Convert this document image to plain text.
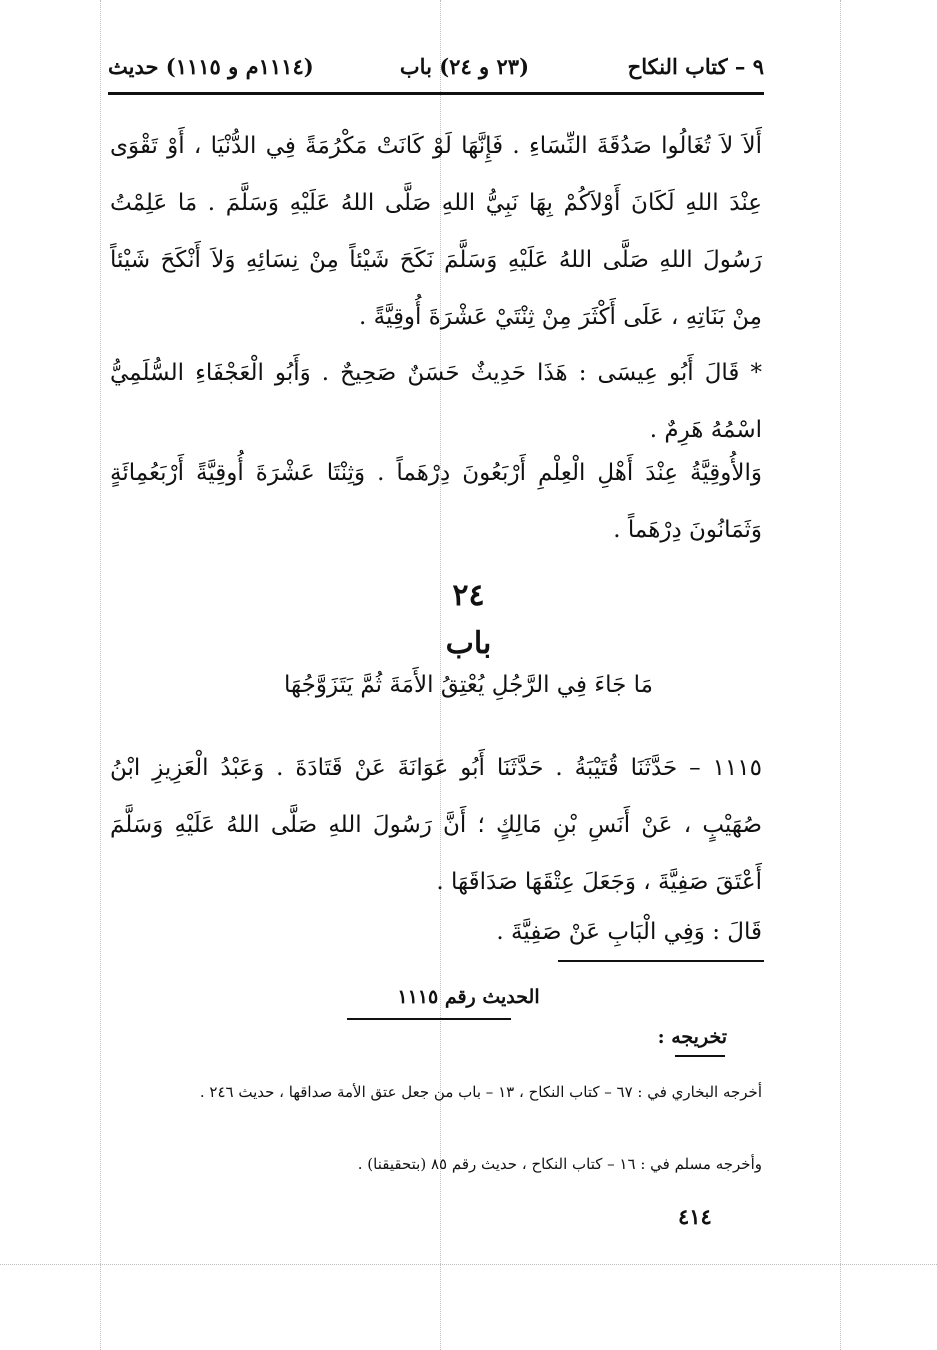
٩ – كتاب النكاح
(٢٣ و ٢٤) باب
(١١١٤م و ١١١٥) حديث
أَلاَ لاَ تُغَالُوا صَدُقَةَ النِّسَاءِ . فَإِنَّهَا لَوْ كَانَتْ مَكْرُمَةً فِي الدُّنْيَا ، أَوْ تَقْوَى عِنْدَ اللهِ لَكَانَ أَوْلاَكُمْ بِهَا نَبِيُّ اللهِ صَلَّى اللهُ عَلَيْهِ وَسَلَّمَ . مَا عَلِمْتُ رَسُولَ اللهِ صَلَّى اللهُ عَلَيْهِ وَسَلَّمَ نَكَحَ شَيْئاً مِنْ نِسَائِهِ وَلاَ أَنْكَحَ شَيْئاً مِنْ بَنَاتِهِ ، عَلَى أَكْثَرَ مِنْ ثِنْتَيْ عَشْرَةَ أُوقِيَّةً .
* قَالَ أَبُو عِيسَى : هَذَا حَدِيثٌ حَسَنٌ صَحِيحٌ . وَأَبُو الْعَجْفَاءِ السُّلَمِيُّ اسْمُهُ هَرِمٌ .
وَالأُوقِيَّةُ عِنْدَ أَهْلِ الْعِلْمِ أَرْبَعُونَ دِرْهَماً . وَثِنْتَا عَشْرَةَ أُوقِيَّةً أَرْبَعُمِائَةٍ وَثَمَانُونَ دِرْهَماً .
٢٤
باب
مَا جَاءَ فِي الرَّجُلِ يُعْتِقُ الأَمَةَ ثُمَّ يَتَزَوَّجُهَا
١١١٥ – حَدَّثَنَا قُتَيْبَةُ . حَدَّثَنَا أَبُو عَوَانَةَ عَنْ قَتَادَةَ . وَعَبْدُ الْعَزِيزِ ابْنُ صُهَيْبٍ ، عَنْ أَنَسِ بْنِ مَالِكٍ ؛ أَنَّ رَسُولَ اللهِ صَلَّى اللهُ عَلَيْهِ وَسَلَّمَ أَعْتَقَ صَفِيَّةَ ، وَجَعَلَ عِتْقَهَا صَدَاقَهَا .
قَالَ : وَفِي الْبَابِ عَنْ صَفِيَّةَ .
الحديث رقم ١١١٥
تخريجه :
أخرجه البخاري في : ٦٧ – كتاب النكاح ، ١٣ – باب من جعل عتق الأمة صداقها ، حديث ٢٤٦ .
وأخرجه مسلم في : ١٦ – كتاب النكاح ، حديث رقم ٨٥ (بتحقيقنا) .
٤١٤
